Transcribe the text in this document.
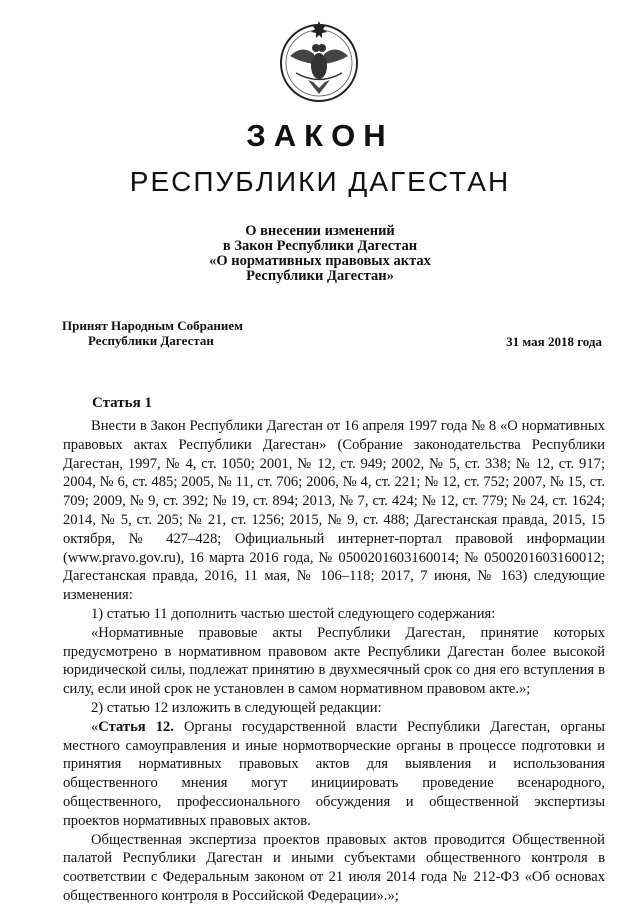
ЗАКОН
РЕСПУБЛИКИ ДАГЕСТАН
О внесении изменений
в Закон Республики Дагестан
«О нормативных правовых актах
Республики Дагестан»
Принят Народным Собранием
Республики Дагестан	31 мая 2018 года
Статья 1

Внести в Закон Республики Дагестан от 16 апреля 1997 года № 8 «О нормативных правовых актах Республики Дагестан» (Собрание законодательства Республики Дагестан, 1997, № 4, ст. 1050; 2001, № 12, ст. 949; 2002, № 5, ст. 338; № 12, ст. 917; 2004, № 6, ст. 485; 2005, № 11, ст. 706; 2006, № 4, ст. 221; № 12, ст. 752; 2007, № 15, ст. 709; 2009, № 9, ст. 392; № 19, ст. 894; 2013, № 7, ст. 424; № 12, ст. 779; № 24, ст. 1624; 2014, № 5, ст. 205; № 21, ст. 1256; 2015, № 9, ст. 488; Дагестанская правда, 2015, 15 октября, № 427–428; Официальный интернет-портал правовой информации (www.pravo.gov.ru), 16 марта 2016 года, № 0500201603160014; № 0500201603160012; Дагестанская правда, 2016, 11 мая, № 106–118; 2017, 7 июня, № 163) следующие изменения:

1) статью 11 дополнить частью шестой следующего содержания:

«Нормативные правовые акты Республики Дагестан, принятие которых предусмотрено в нормативном правовом акте Республики Дагестан более высокой юридической силы, подлежат принятию в двухмесячный срок со дня его вступления в силу, если иной срок не установлен в самом нормативном правовом акте.»;

2) статью 12 изложить в следующей редакции:

«Статья 12. Органы государственной власти Республики Дагестан, органы местного самоуправления и иные нормотворческие органы в процессе подготовки и принятия нормативных правовых актов для выявления и использования общественного мнения могут инициировать проведение всенародного, общественного, профессионального обсуждения и общественной экспертизы проектов нормативных правовых актов.

Общественная экспертиза проектов правовых актов проводится Общественной палатой Республики Дагестан и иными субъектами общественного контроля в соответствии с Федеральным законом от 21 июля 2014 года № 212-ФЗ «Об основах общественного контроля в Российской Федерации».»;
